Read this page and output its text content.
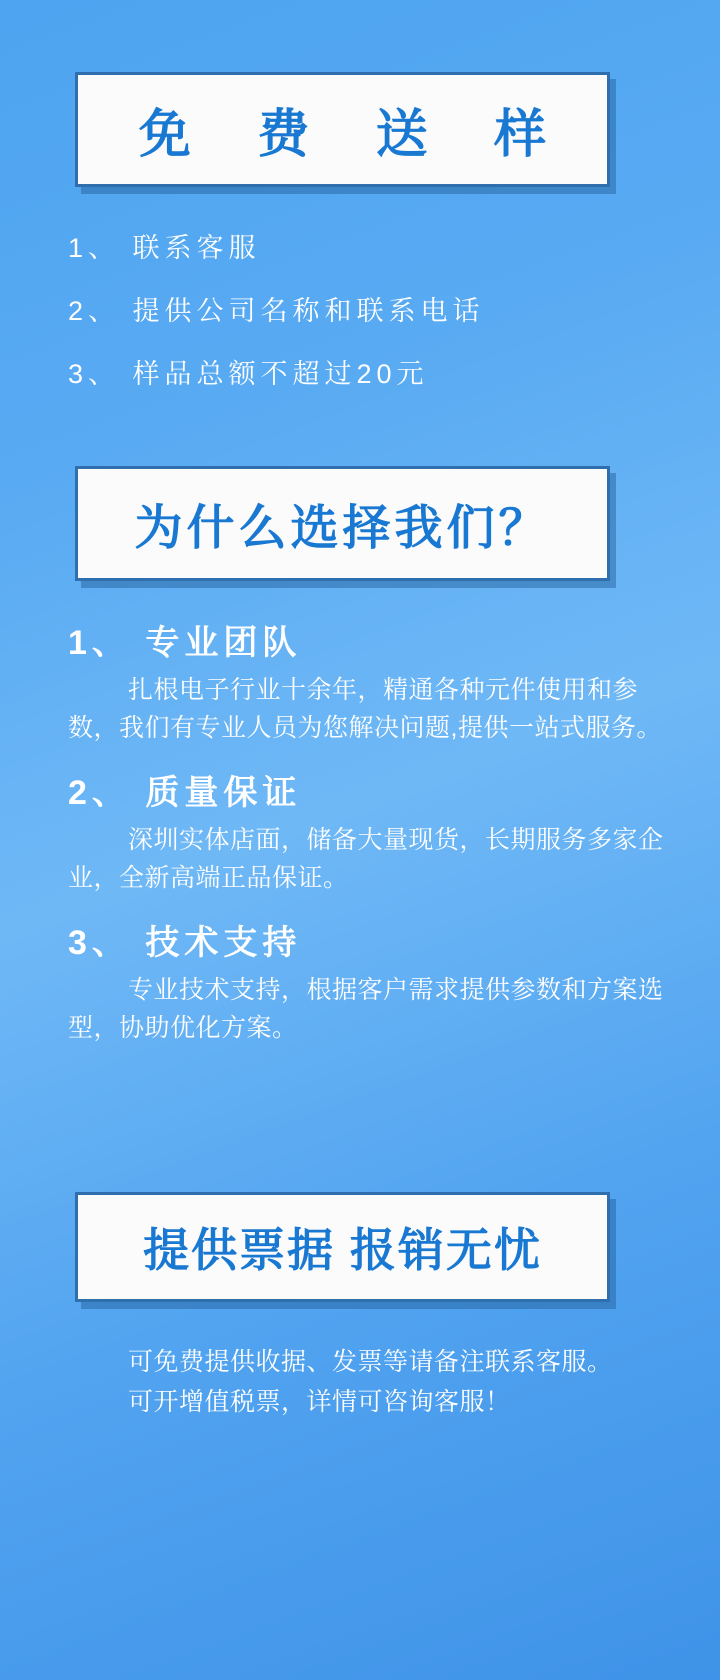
免 费 送 样
1、 联系客服
2、 提供公司名称和联系电话
3、 样品总额不超过20元
为什么选择我们？
1、 专业团队
扎根电子行业十余年，精通各种元件使用和参数，我们有专业人员为您解决问题,提供一站式服务。
2、 质量保证
深圳实体店面，储备大量现货，长期服务多家企业，全新高端正品保证。
3、 技术支持
专业技术支持，根据客户需求提供参数和方案选型，协助优化方案。
提供票据 报销无忧
可免费提供收据、发票等请备注联系客服。
可开增值税票，详情可咨询客服！
